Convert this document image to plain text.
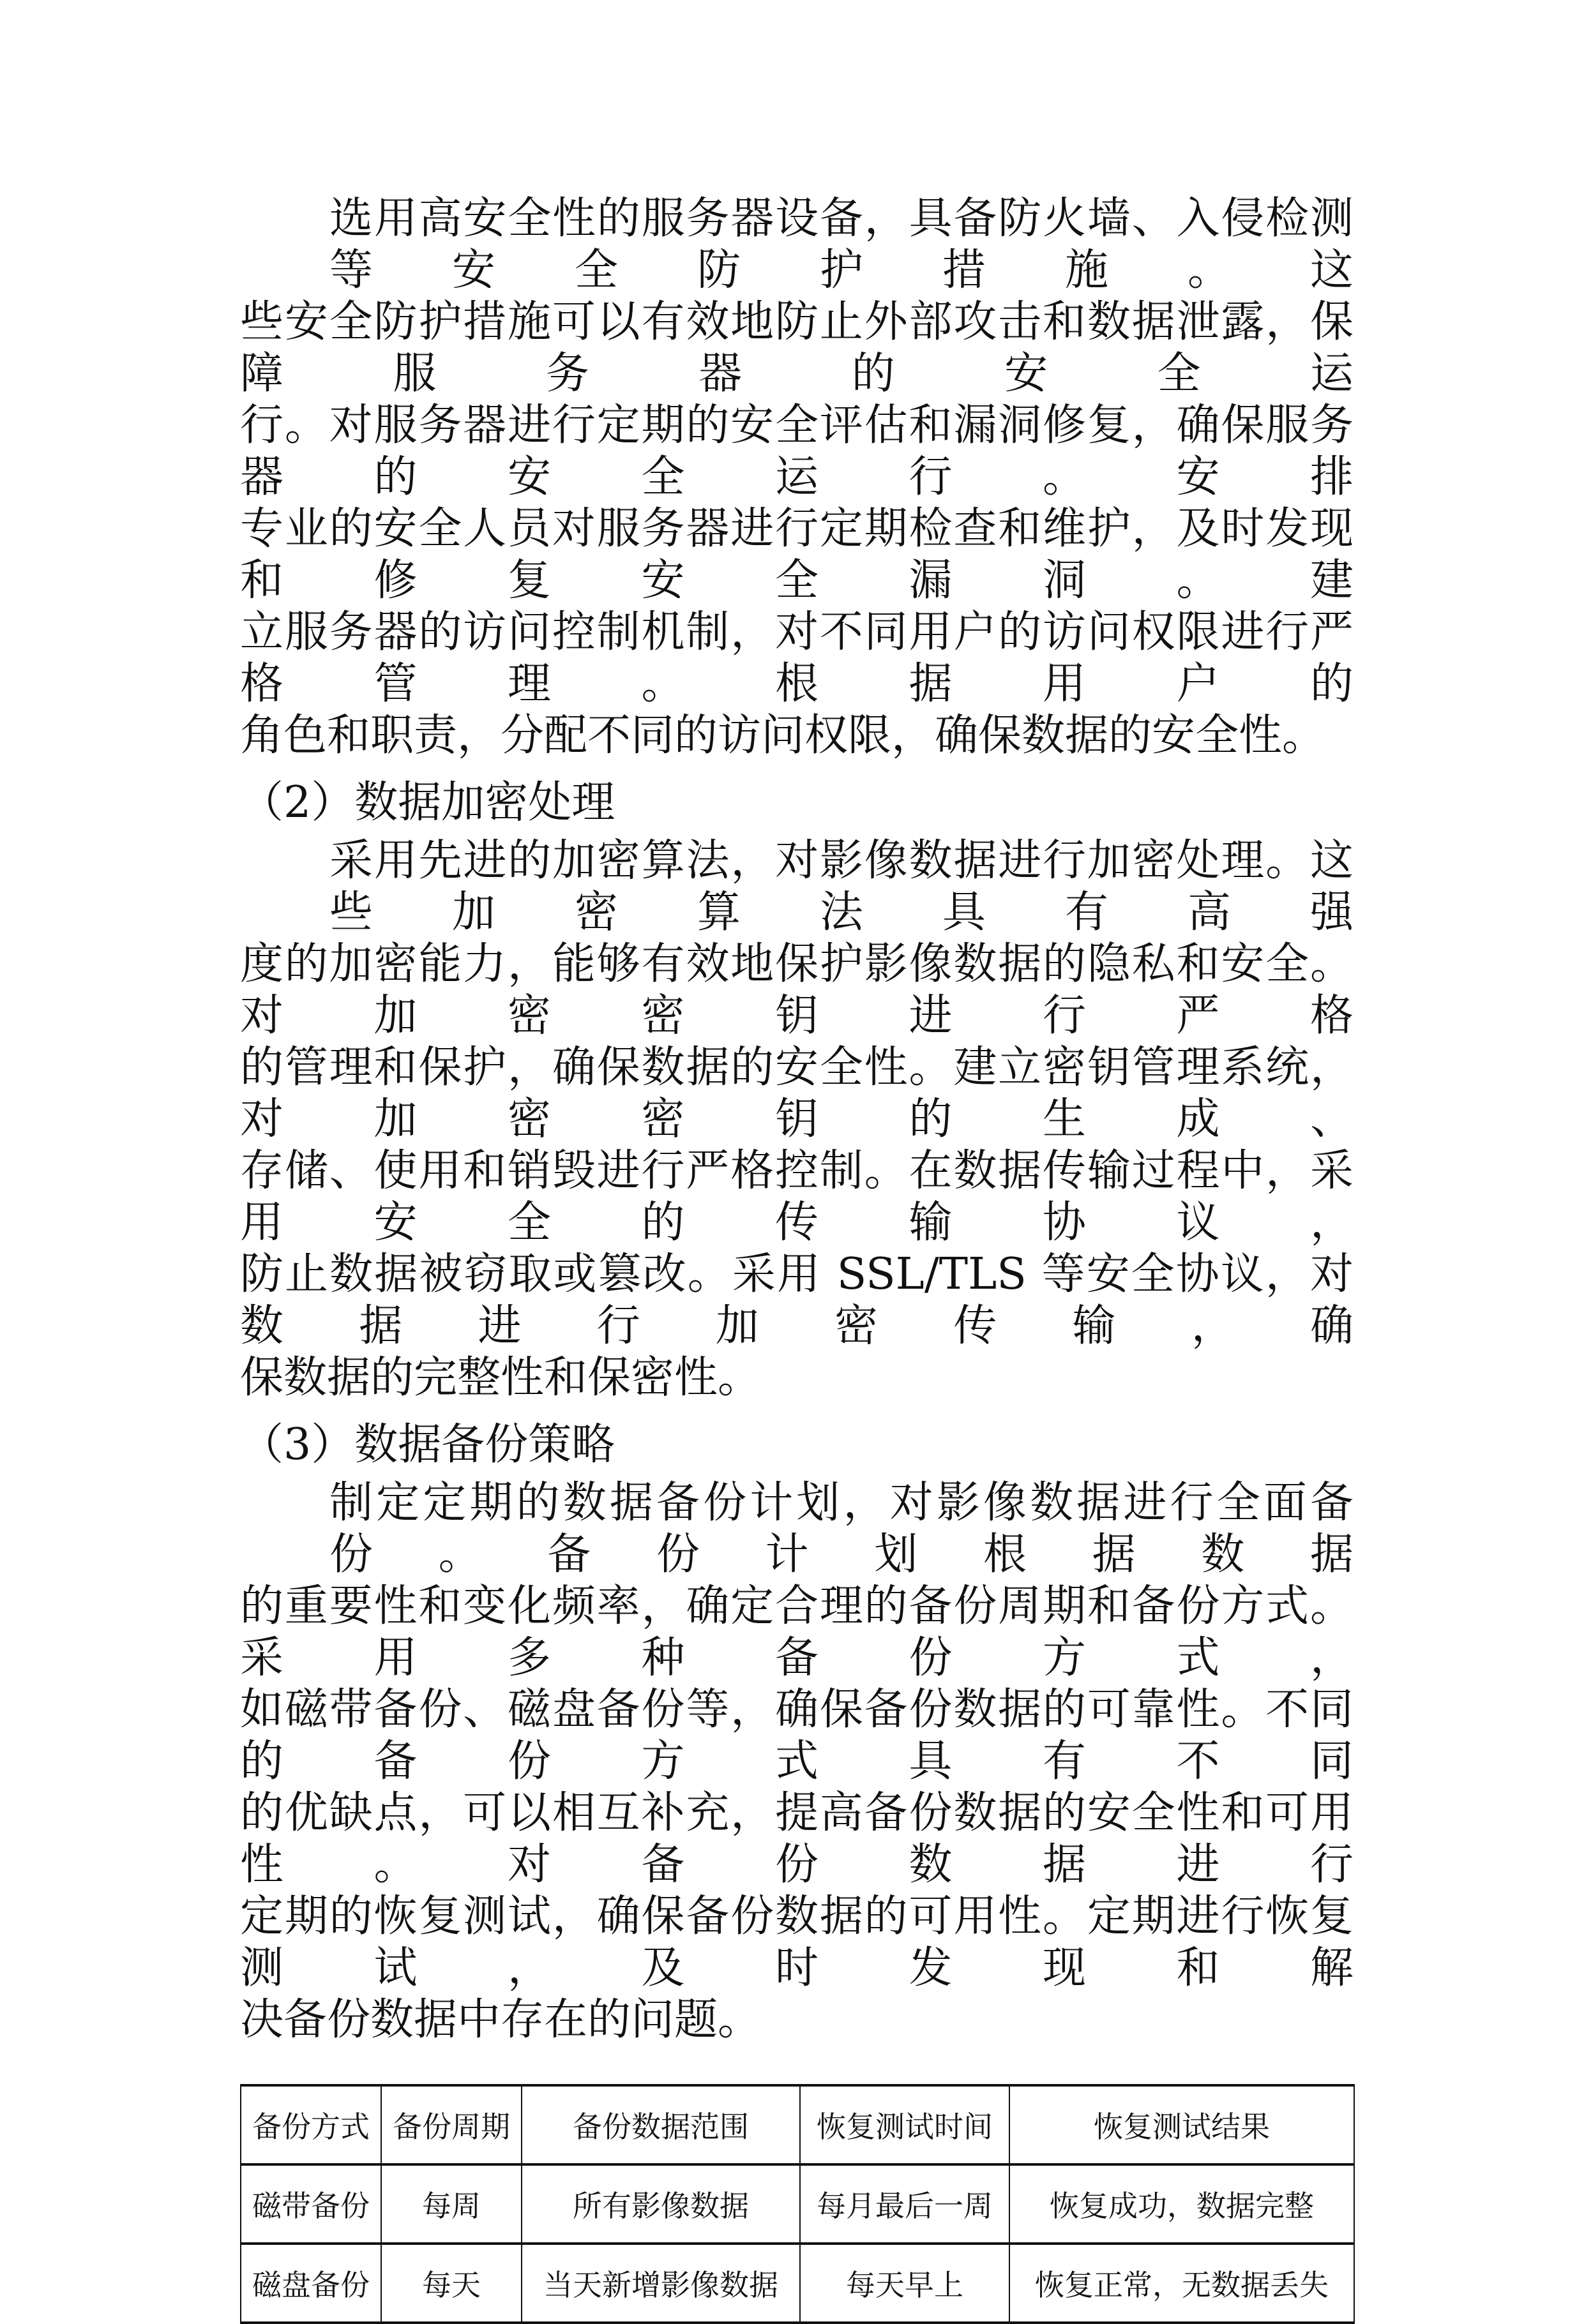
选用高安全性的服务器设备，具备防火墙、入侵检测等安全防护措施。这
些安全防护措施可以有效地防止外部攻击和数据泄露，保障服务器的安全运
行。对服务器进行定期的安全评估和漏洞修复，确保服务器的安全运行。安排
专业的安全人员对服务器进行定期检查和维护，及时发现和修复安全漏洞。建
立服务器的访问控制机制，对不同用户的访问权限进行严格管理。根据用户的
角色和职责，分配不同的访问权限，确保数据的安全性。
（2）数据加密处理
采用先进的加密算法，对影像数据进行加密处理。这些加密算法具有高强
度的加密能力，能够有效地保护影像数据的隐私和安全。对加密密钥进行严格
的管理和保护，确保数据的安全性。建立密钥管理系统，对加密密钥的生成、
存储、使用和销毁进行严格控制。在数据传输过程中，采用安全的传输协议，
防止数据被窃取或篡改。采用 SSL/TLS 等安全协议，对数据进行加密传输，确
保数据的完整性和保密性。
（3）数据备份策略
制定定期的数据备份计划，对影像数据进行全面备份。备份计划根据数据
的重要性和变化频率，确定合理的备份周期和备份方式。采用多种备份方式，
如磁带备份、磁盘备份等，确保备份数据的可靠性。不同的备份方式具有不同
的优缺点，可以相互补充，提高备份数据的安全性和可用性。对备份数据进行
定期的恢复测试，确保备份数据的可用性。定期进行恢复测试，及时发现和解
决备份数据中存在的问题。
备份方式	备份周期	备份数据范围	恢复测试时间	恢复测试结果
磁带备份	每周	所有影像数据	每月最后一周	恢复成功，数据完整
磁盘备份	每天	当天新增影像数据	每天早上	恢复正常，无数据丢失
